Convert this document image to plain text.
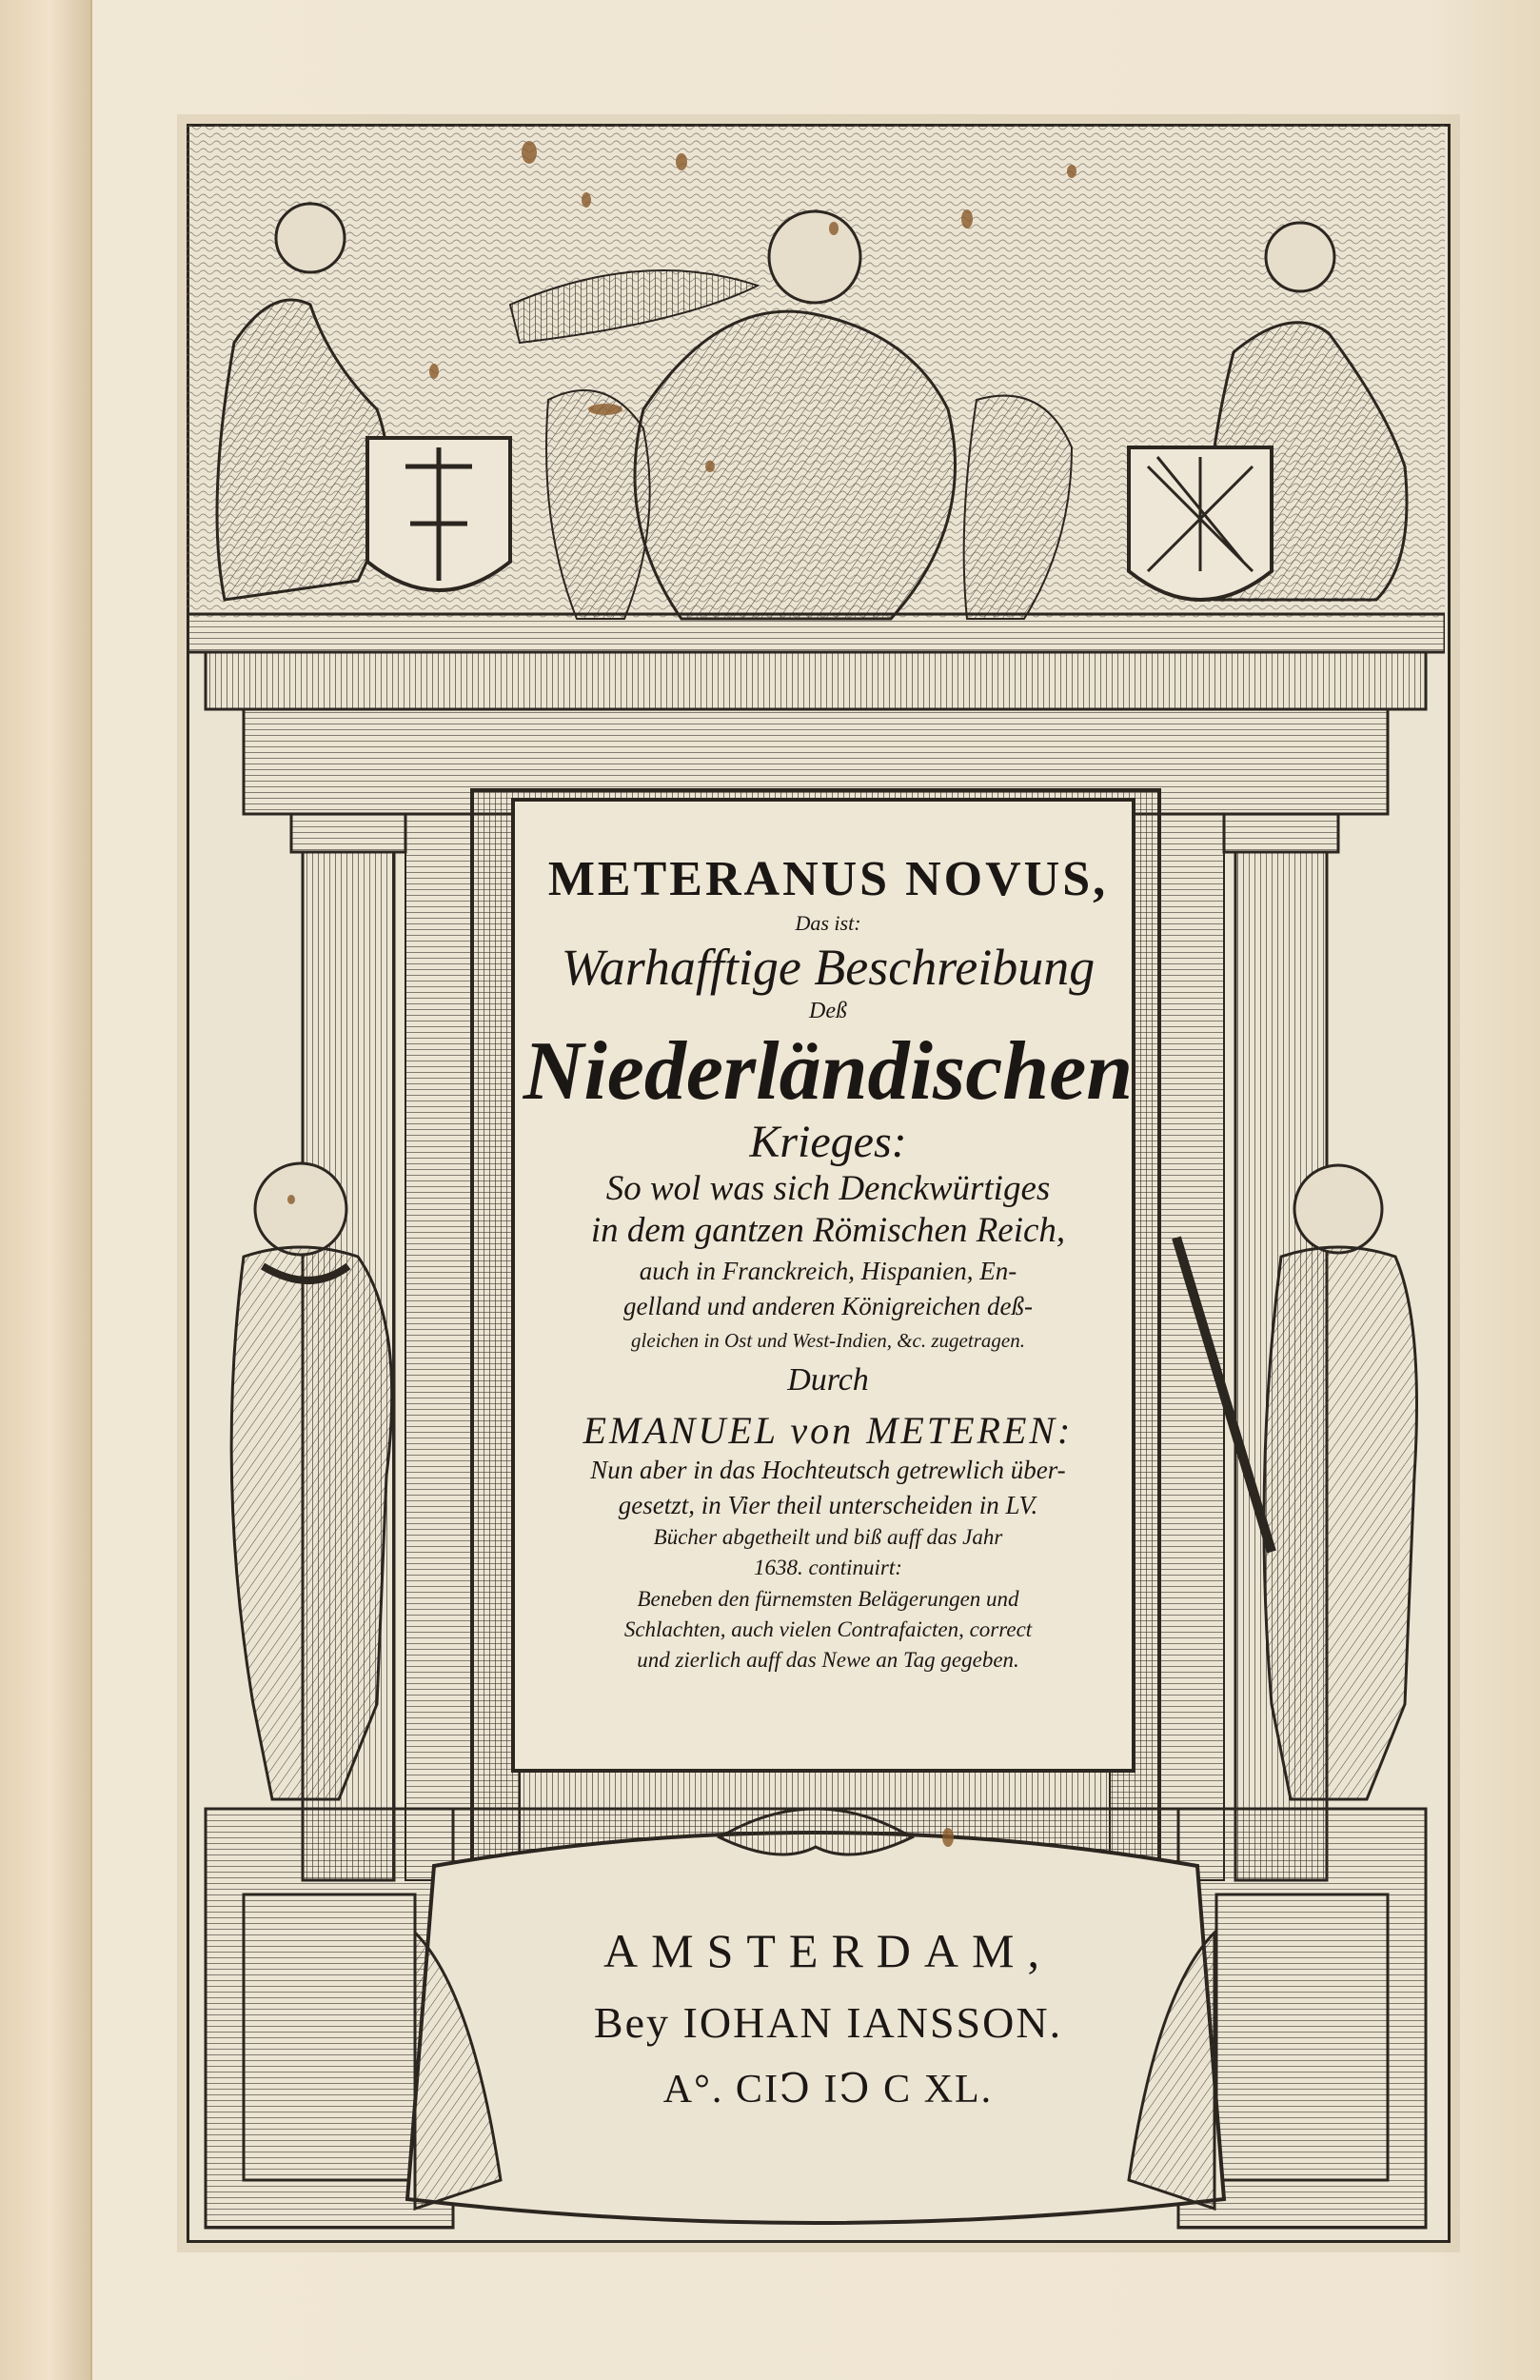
METERANUS NOVUS,
Das ist:
Warhafftige Beschreibung
Deß
Niederländischen
Krieges:
So wol was sich Denckwürtiges
in dem gantzen Römischen Reich,
auch in Franckreich, Hispanien, En-
gelland und anderen Königreichen deß-
gleichen in Ost und West-Indien, &c. zugetragen.
Durch
EMANUEL von METEREN:
Nun aber in das Hochteutsch getrewlich über-
gesetzt, in Vier theil unterscheiden in LV.
Bücher abgetheilt und biß auff das Jahr
1638. continuirt:
Beneben den fürnemsten Belägerungen und
Schlachten, auch vielen Contrafaicten, correct
und zierlich auff das Newe an Tag gegeben.
AMSTERDAM,
Bey IOHAN IANSSON.
A°. CIↃ IↃ C XL.
